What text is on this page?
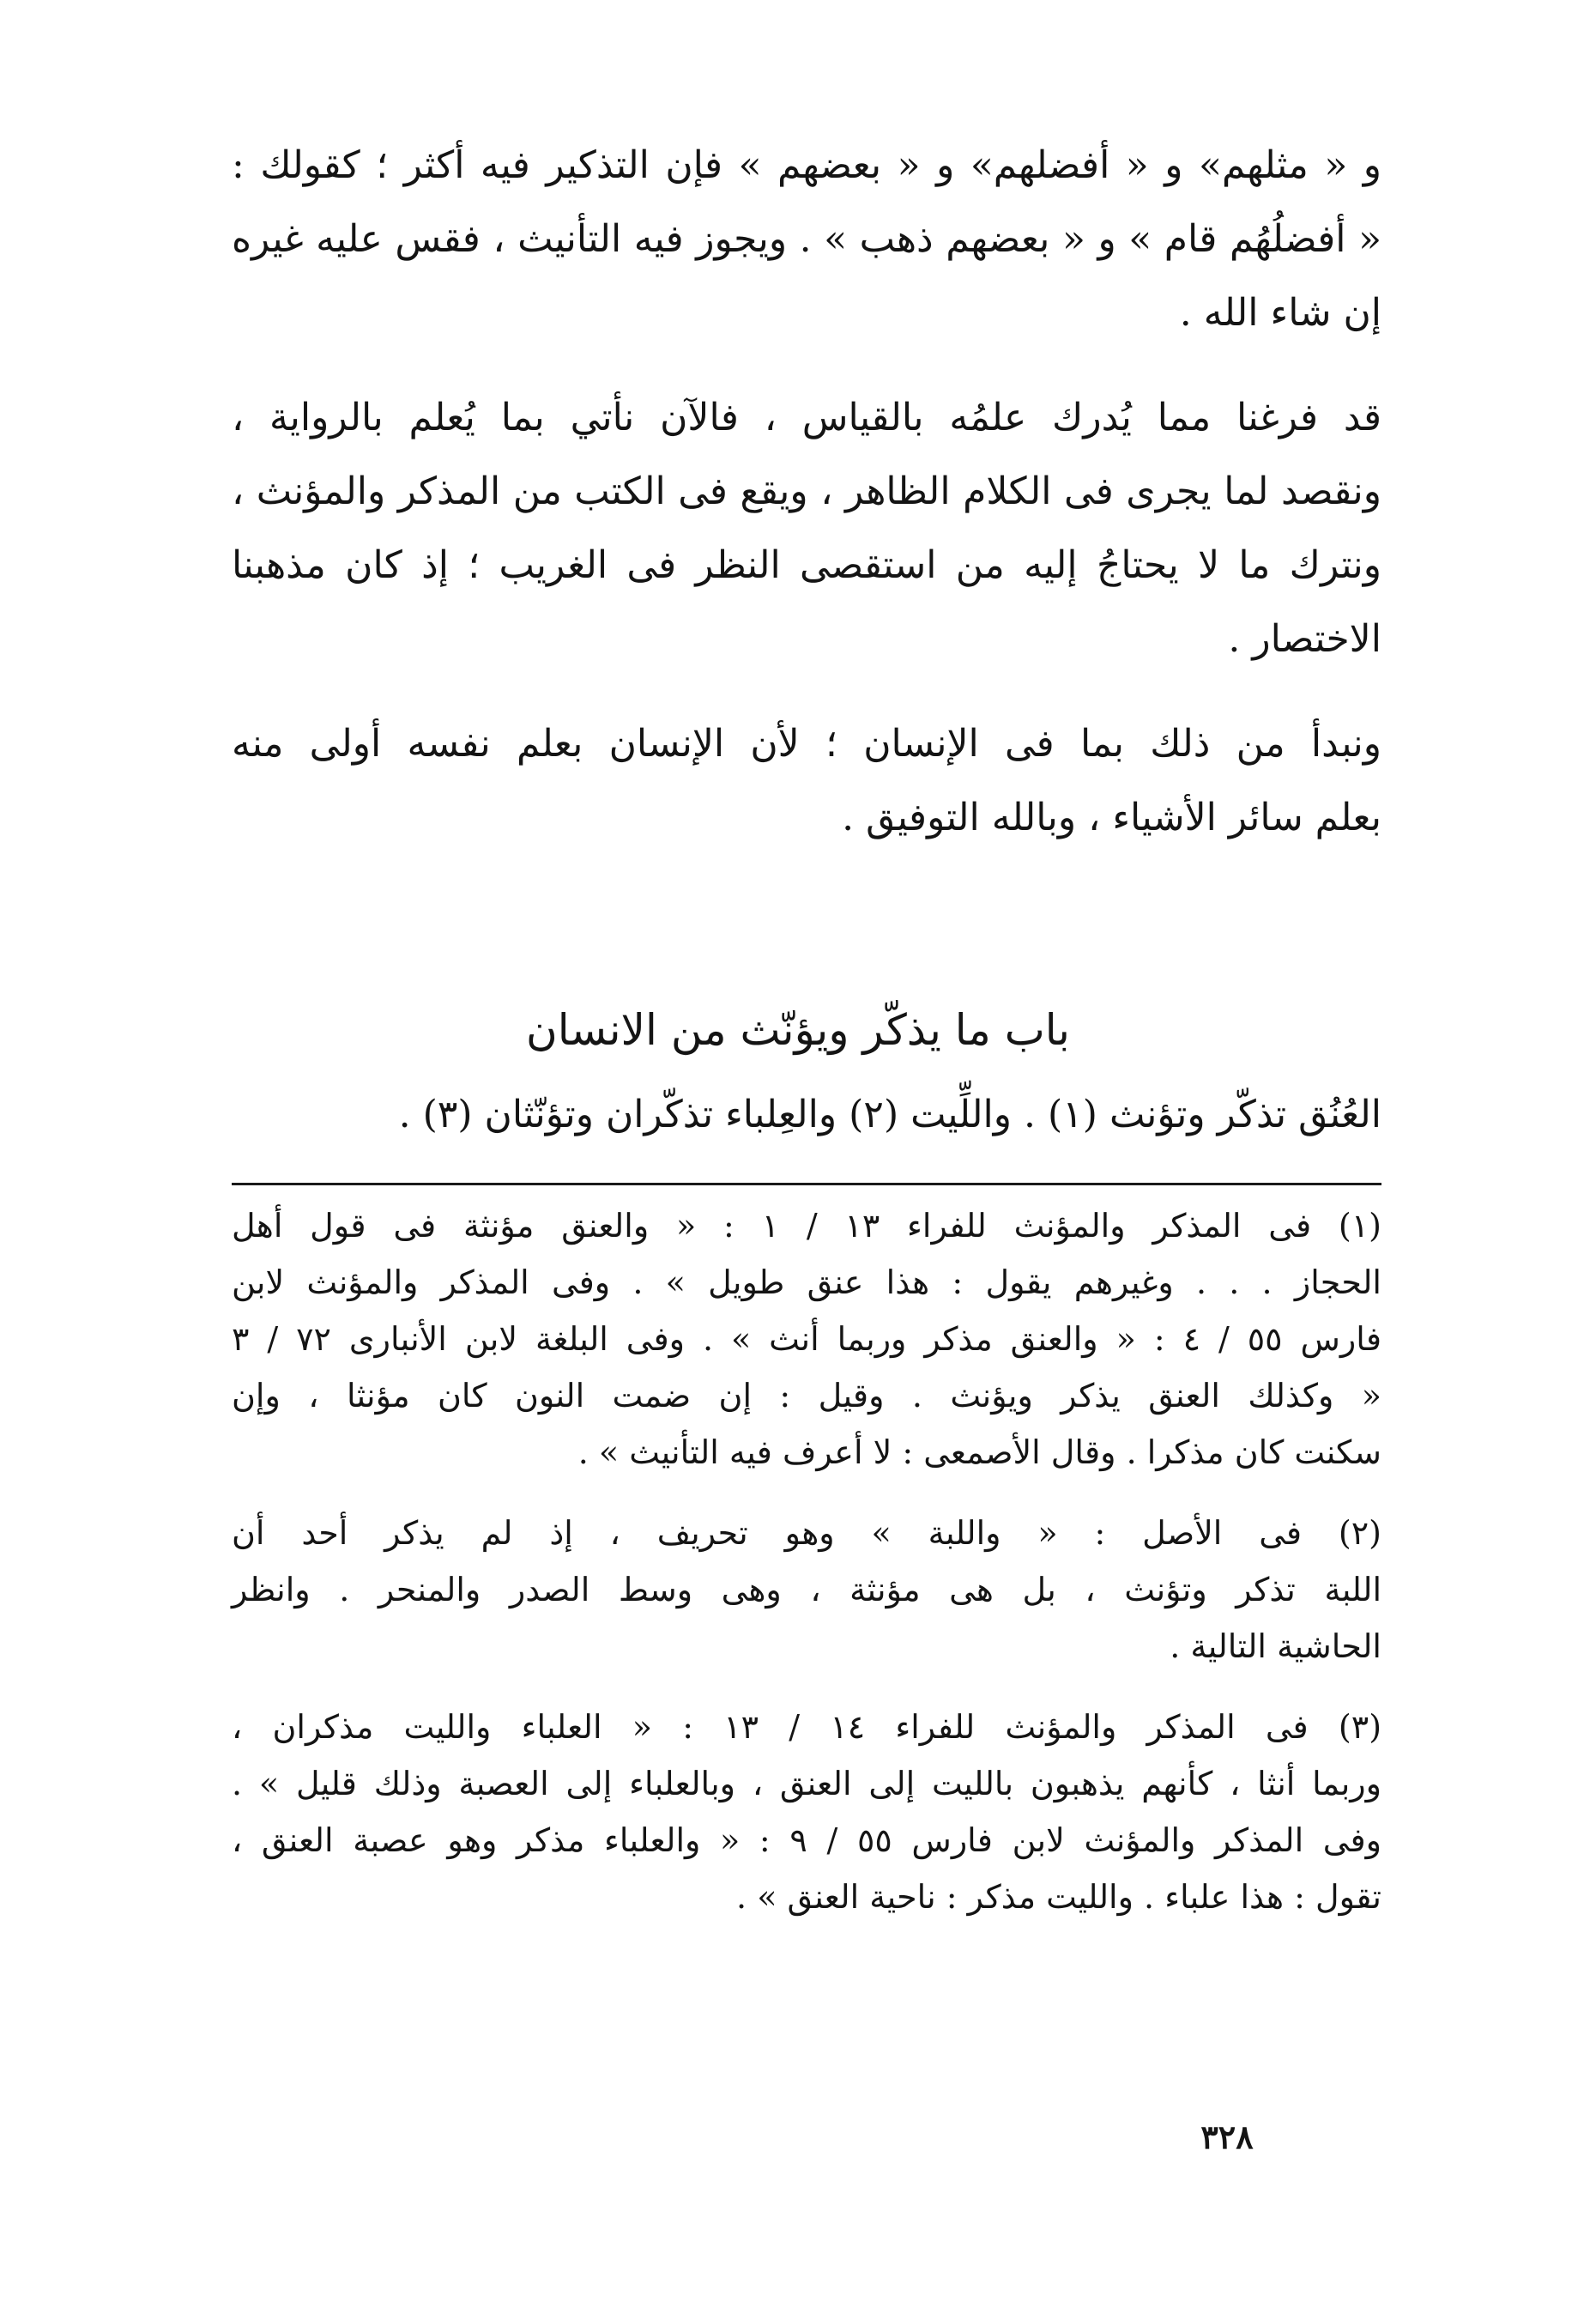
و « مثلهم» و « أفضلهم» و « بعضهم » فإن التذكير فيه أكثر ؛ كقولك :
« أفضلُهُم قام » و « بعضهم ذهب » . ويجوز فيه التأنيث ، فقس عليه غيره
إن شاء الله .
قد فرغنا مما يُدرك علمُه بالقياس ، فالآن نأتي بما يُعلم بالرواية ،
ونقصد لما يجرى فى الكلام الظاهر ، ويقع فى الكتب من المذكر والمؤنث ،
ونترك ما لا يحتاجُ إليه من استقصى النظر فى الغريب ؛ إذ كان مذهبنا
الاختصار .
ونبدأ من ذلك بما فى الإنسان ؛ لأن الإنسان بعلم نفسه أولى منه
بعلم سائر الأشياء ، وبالله التوفيق .
باب ما يذكّر ويؤنّث من الانسان
العُنُق تذكّر وتؤنث (١) . واللِّيت (٢) والعِلباء تذكّران وتؤنّثان (٣) .
(١) فى المذكر والمؤنث للفراء ١٣ / ١ : « والعنق مؤنثة فى قول أهل
الحجاز . . . وغيرهم يقول : هذا عنق طويل » . وفى المذكر والمؤنث لابن
فارس ٥٥ / ٤ : « والعنق مذكر وربما أنث » . وفى البلغة لابن الأنبارى ٧٢ / ٣
« وكذلك العنق يذكر ويؤنث . وقيل : إن ضمت النون كان مؤنثا ، وإن
سكنت كان مذكرا . وقال الأصمعى : لا أعرف فيه التأنيث » .
(٢) فى الأصل : « واللبة » وهو تحريف ، إذ لم يذكر أحد أن
اللبة تذكر وتؤنث ، بل هى مؤنثة ، وهى وسط الصدر والمنحر . وانظر
الحاشية التالية .
(٣) فى المذكر والمؤنث للفراء ١٤ / ١٣ : « العلباء والليت مذكران ،
وربما أنثا ، كأنهم يذهبون بالليت إلى العنق ، وبالعلباء إلى العصبة وذلك قليل » .
وفى المذكر والمؤنث لابن فارس ٥٥ / ٩ : « والعلباء مذكر وهو عصبة العنق ،
تقول : هذا علباء . والليت مذكر : ناحية العنق » .
٣٢٨
